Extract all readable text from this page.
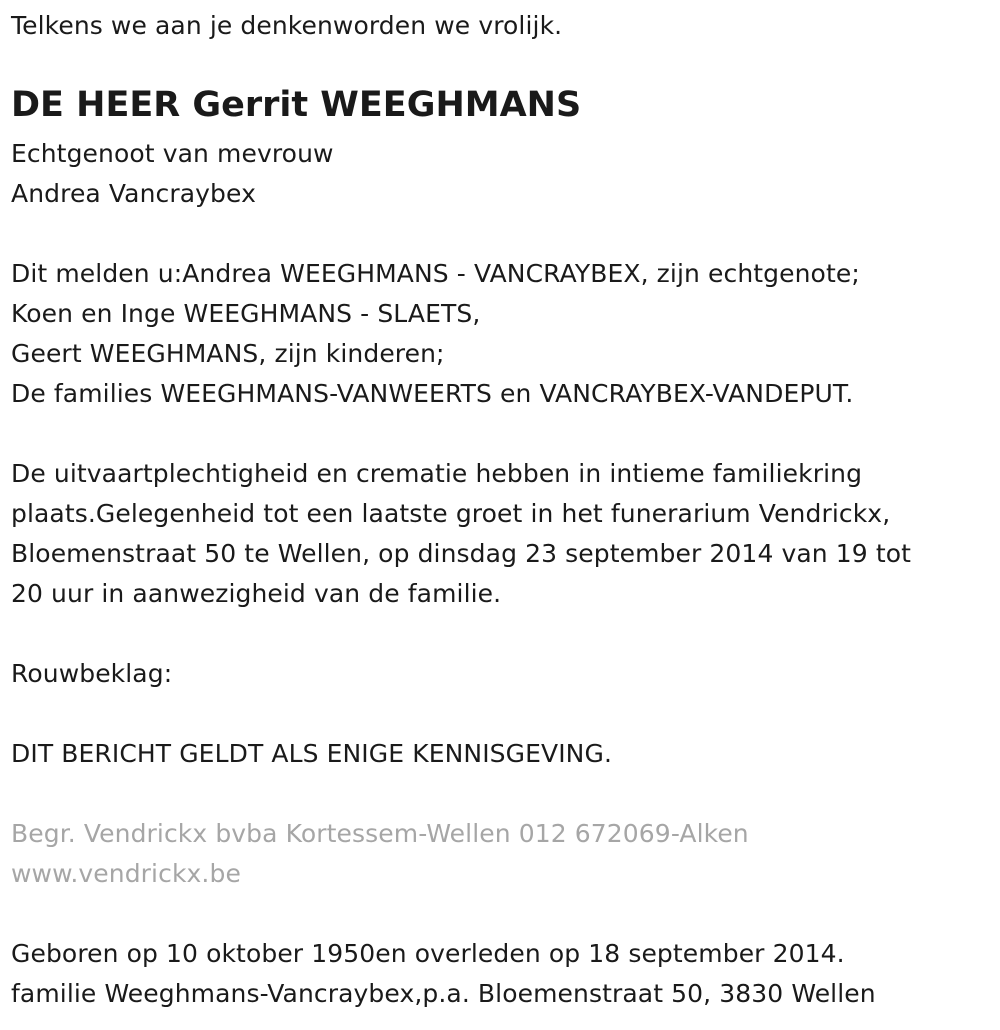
Telkens we aan je denkenworden we vrolijk.
DE HEER Gerrit WEEGHMANS
Echtgenoot van mevrouw
Andrea Vancraybex
Dit melden u:Andrea WEEGHMANS - VANCRAYBEX, zijn echtgenote;
Koen en Inge WEEGHMANS - SLAETS,
Geert WEEGHMANS, zijn kinderen;
De families WEEGHMANS-VANWEERTS en VANCRAYBEX-VANDEPUT.
De uitvaartplechtigheid en crematie hebben in intieme familiekring
plaats.Gelegenheid tot een laatste groet in het funerarium Vendrickx,
Bloemenstraat 50 te Wellen, op dinsdag 23 september 2014 van 19 tot
20 uur in aanwezigheid van de familie.
Rouwbeklag:
DIT BERICHT GELDT ALS ENIGE KENNISGEVING.
Begr. Vendrickx bvba Kortessem-Wellen 012 672069-Alken
www.vendrickx.be
Geboren op 10 oktober 1950en overleden op 18 september 2014.
familie Weeghmans-Vancraybex,p.a. Bloemenstraat 50, 3830 Wellen
